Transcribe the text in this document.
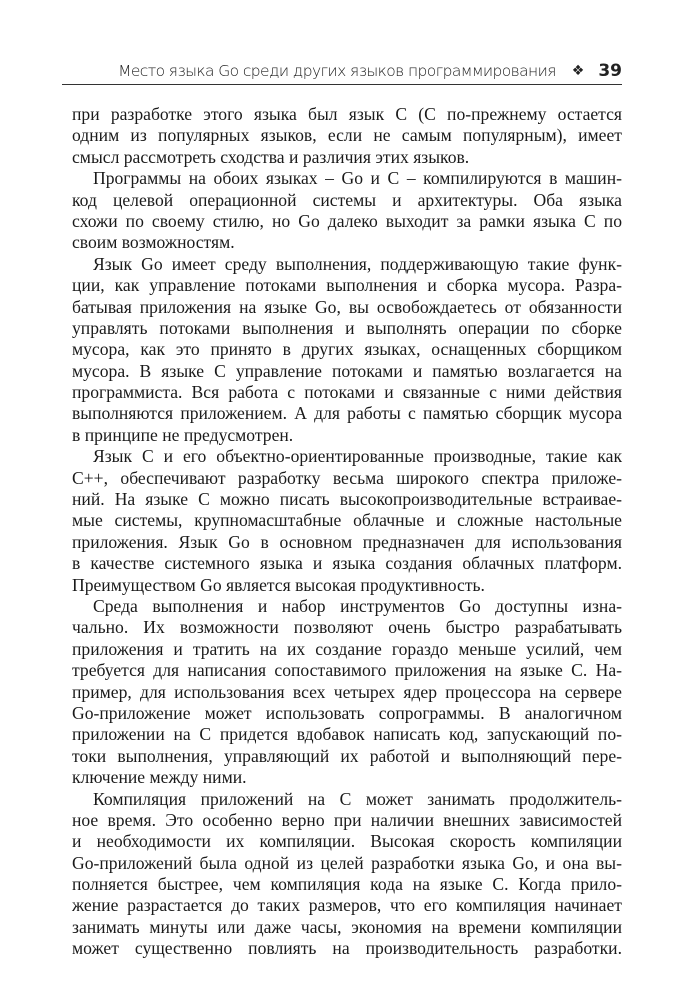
Место языка Go среди других языков программирования ❖ 39
при разработке этого языка был язык C (C по-прежнему остается
одним из популярных языков, если не самым популярным), имеет
смысл рассмотреть сходства и различия этих языков.
Программы на обоих языках – Go и C – компилируются в машин-
код целевой операционной системы и архитектуры. Оба языка
схожи по своему стилю, но Go далеко выходит за рамки языка C по
своим возможностям.
Язык Go имеет среду выполнения, поддерживающую такие функ-
ции, как управление потоками выполнения и сборка мусора. Разра-
батывая приложения на языке Go, вы освобождаетесь от обязанности
управлять потоками выполнения и выполнять операции по сборке
мусора, как это принято в других языках, оснащенных сборщиком
мусора. В языке C управление потоками и памятью возлагается на
программиста. Вся работа с потоками и связанные с ними действия
выполняются приложением. А для работы с памятью сборщик мусора
в принципе не предусмотрен.
Язык C и его объектно-ориентированные производные, такие как
C++, обеспечивают разработку весьма широкого спектра приложе-
ний. На языке C можно писать высокопроизводительные встраивае-
мые системы, крупномасштабные облачные и сложные настольные
приложения. Язык Go в основном предназначен для использования
в качестве системного языка и языка создания облачных платформ.
Преимуществом Go является высокая продуктивность.
Среда выполнения и набор инструментов Go доступны изна-
чально. Их возможности позволяют очень быстро разрабатывать
приложения и тратить на их создание гораздо меньше усилий, чем
требуется для написания сопоставимого приложения на языке C. На-
пример, для использования всех четырех ядер процессора на сервере
Go-приложение может использовать сопрограммы. В аналогичном
приложении на C придется вдобавок написать код, запускающий по-
токи выполнения, управляющий их работой и выполняющий пере-
ключение между ними.
Компиляция приложений на C может занимать продолжитель-
ное время. Это особенно верно при наличии внешних зависимостей
и необходимости их компиляции. Высокая скорость компиляции
Go-приложений была одной из целей разработки языка Go, и она вы-
полняется быстрее, чем компиляция кода на языке C. Когда прило-
жение разрастается до таких размеров, что его компиляция начинает
занимать минуты или даже часы, экономия на времени компиляции
может существенно повлиять на производительность разработки.
